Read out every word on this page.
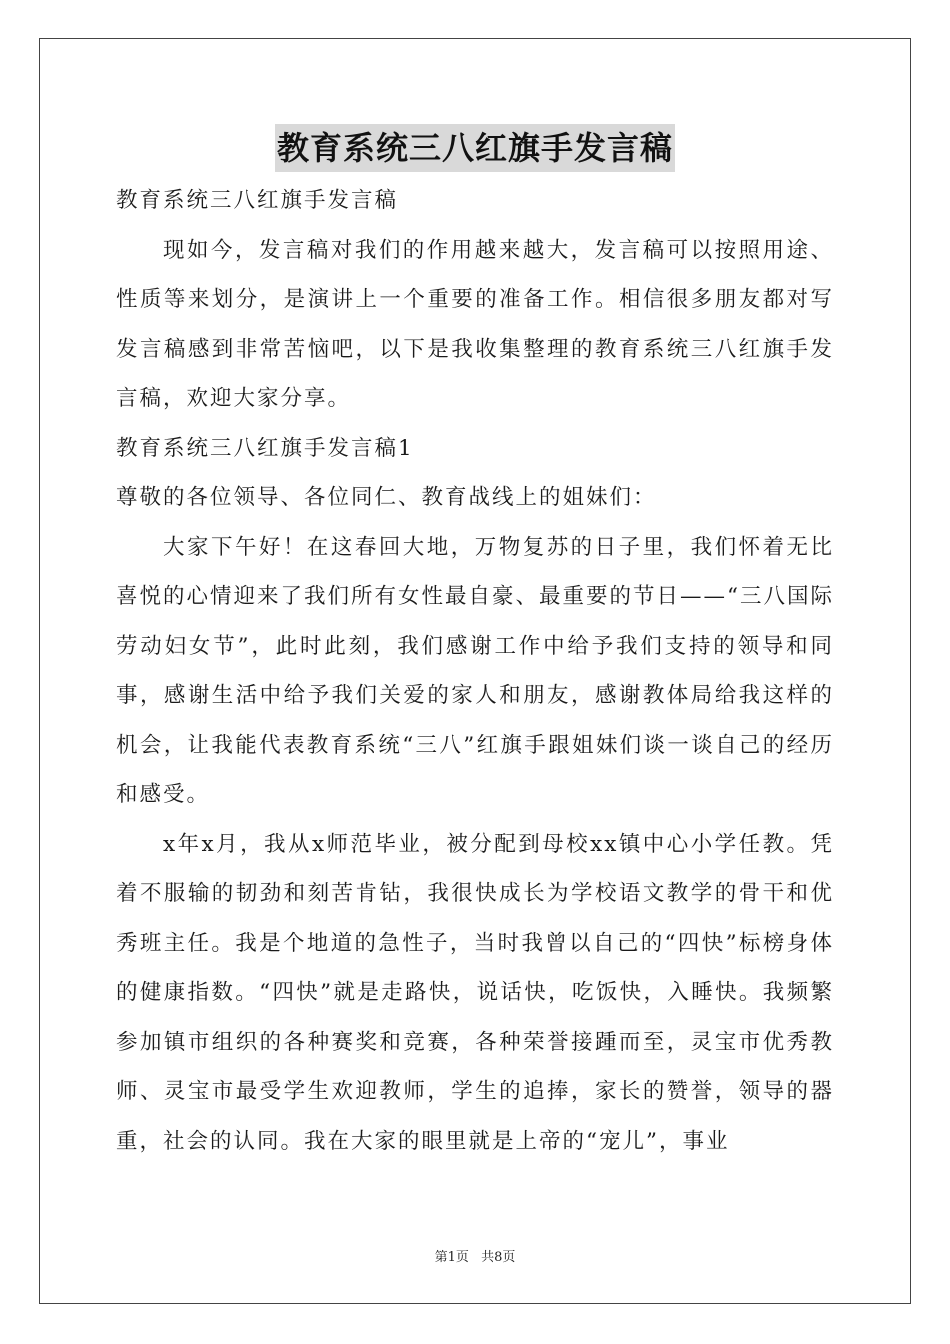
教育系统三八红旗手发言稿

教育系统三八红旗手发言稿

现如今，发言稿对我们的作用越来越大，发言稿可以按照用途、性质等来划分，是演讲上一个重要的准备工作。相信很多朋友都对写发言稿感到非常苦恼吧，以下是我收集整理的教育系统三八红旗手发言稿，欢迎大家分享。

教育系统三八红旗手发言稿1

尊敬的各位领导、各位同仁、教育战线上的姐妹们：

大家下午好！在这春回大地，万物复苏的日子里，我们怀着无比喜悦的心情迎来了我们所有女性最自豪、最重要的节日——“三八国际劳动妇女节”，此时此刻，我们感谢工作中给予我们支持的领导和同事，感谢生活中给予我们关爱的家人和朋友，感谢教体局给我这样的机会，让我能代表教育系统“三八”红旗手跟姐妹们谈一谈自己的经历和感受。

x年x月，我从x师范毕业，被分配到母校xx镇中心小学任教。凭着不服输的韧劲和刻苦肯钻，我很快成长为学校语文教学的骨干和优秀班主任。我是个地道的急性子，当时我曾以自己的“四快”标榜身体的健康指数。“四快”就是走路快，说话快，吃饭快，入睡快。我频繁参加镇市组织的各种赛奖和竞赛，各种荣誉接踵而至，灵宝市优秀教师、灵宝市最受学生欢迎教师，学生的追捧，家长的赞誉，领导的器重，社会的认同。我在大家的眼里就是上帝的“宠儿”，事业

第1页 共8页
